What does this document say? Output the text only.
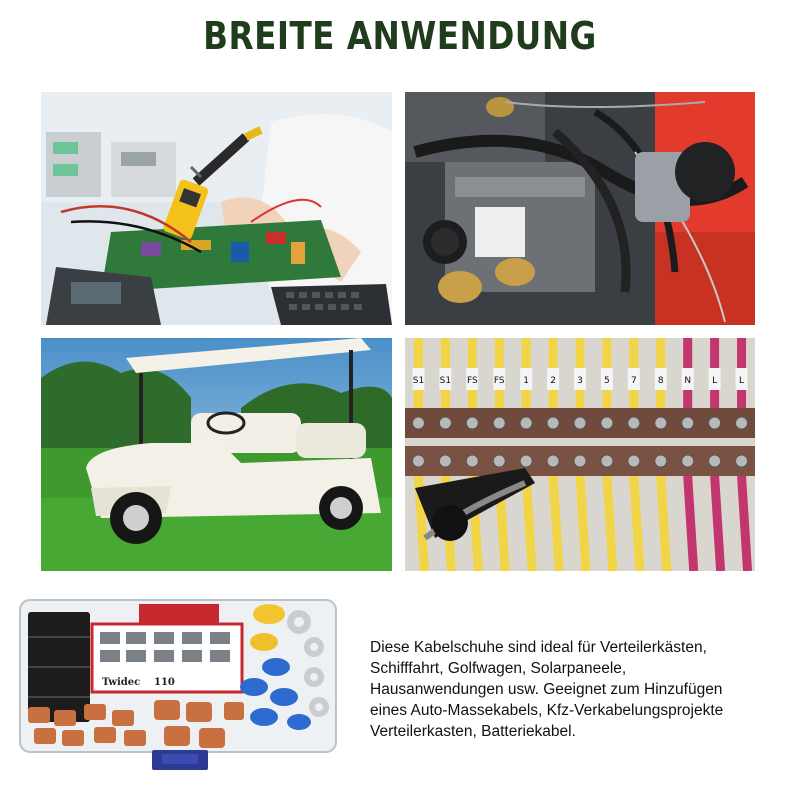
BREITE ANWENDUNG
S1 S1 FS FS 1 2 3 5 7 8 N L L
Twidec 110
Diese Kabelschuhe sind ideal für Verteilerkästen,
Schifffahrt, Golfwagen, Solarpaneele,
Hausanwendungen usw. Geeignet zum Hinzufügen
eines Auto-Massekabels, Kfz-Verkabelungsprojekte
Verteilerkasten, Batteriekabel.
